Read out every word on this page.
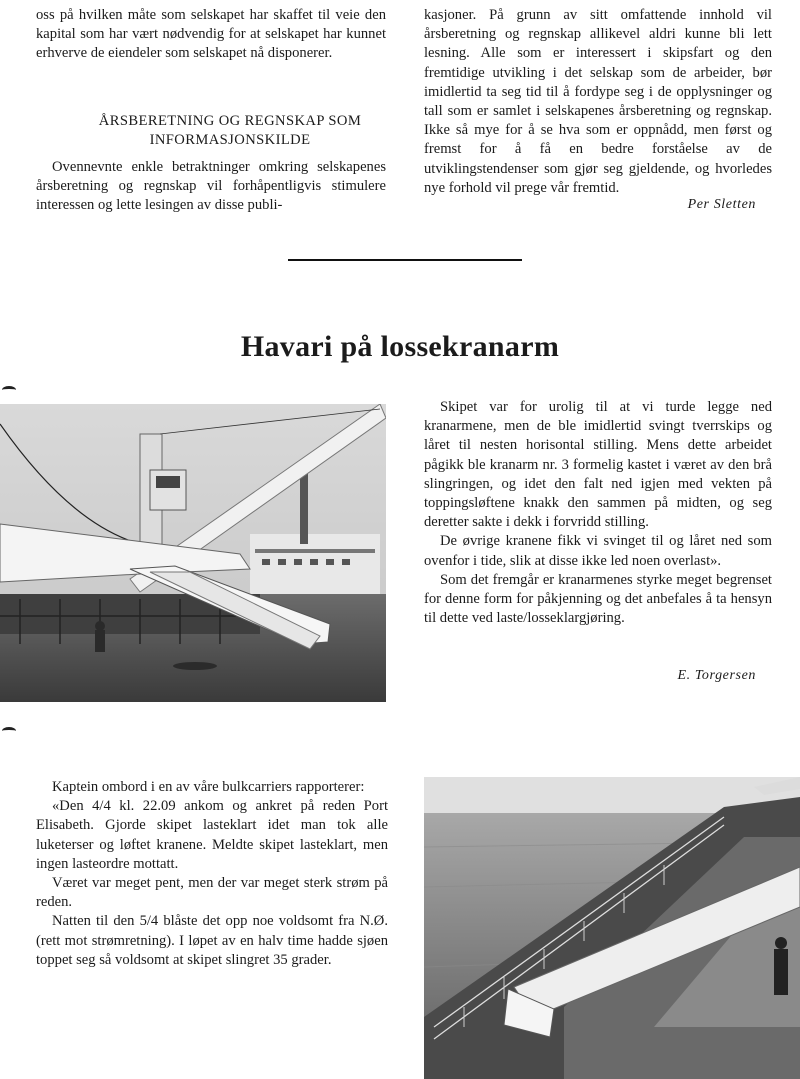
oss på hvilken måte som selskapet har skaffet til veie den kapital som har vært nødvendig for at selskapet har kunnet erhverve de eiendeler som selskapet nå disponerer.

ÅRSBERETNING OG REGNSKAP SOM
INFORMASJONSKILDE

Ovennevnte enkle betraktninger omkring selskapenes årsberetning og regnskap vil forhåpentligvis stimulere interessen og lette lesingen av disse publi-

kasjoner. På grunn av sitt omfattende innhold vil årsberetning og regnskap allikevel aldri kunne bli lett lesning. Alle som er interessert i skipsfart og den fremtidige utvikling i det selskap som de arbeider, bør imidlertid ta seg tid til å fordype seg i de opplysninger og tall som er samlet i selskapenes årsberetning og regnskap. Ikke så mye for å se hva som er oppnådd, men først og fremst for å få en bedre forståelse av de utviklingstendenser som gjør seg gjeldende, og hvorledes nye forhold vil prege vår fremtid.

Per Sletten
Havari på lossekranarm

Skipet var for urolig til at vi turde legge ned kranarmene, men de ble imidlertid svingt tverrskips og låret til nesten horisontal stilling. Mens dette arbeidet pågikk ble kranarm nr. 3 formelig kastet i været av den brå slingringen, og idet den falt ned igjen med vekten på toppingsløftene knakk den sammen på midten, og seg deretter sakte i dekk i forvridd stilling.

De øvrige kranene fikk vi svinget til og låret ned som ovenfor i tide, slik at disse ikke led noen overlast».

Som det fremgår er kranarmenes styrke meget begrenset for denne form for påkjenning og det anbefales å ta hensyn til dette ved laste/losseklargjøring.

E. Torgersen

Kaptein ombord i en av våre bulkcarriers rapporterer:

«Den 4/4 kl. 22.09 ankom og ankret på reden Port Elisabeth. Gjorde skipet lasteklart idet man tok alle luketerser og løftet kranene. Meldte skipet lasteklart, men ingen lasteordre mottatt.

Været var meget pent, men der var meget sterk strøm på reden.

Natten til den 5/4 blåste det opp noe voldsomt fra N.Ø. (rett mot strømretning). I løpet av en halv time hadde sjøen toppet seg så voldsomt at skipet slingret 35 grader.
